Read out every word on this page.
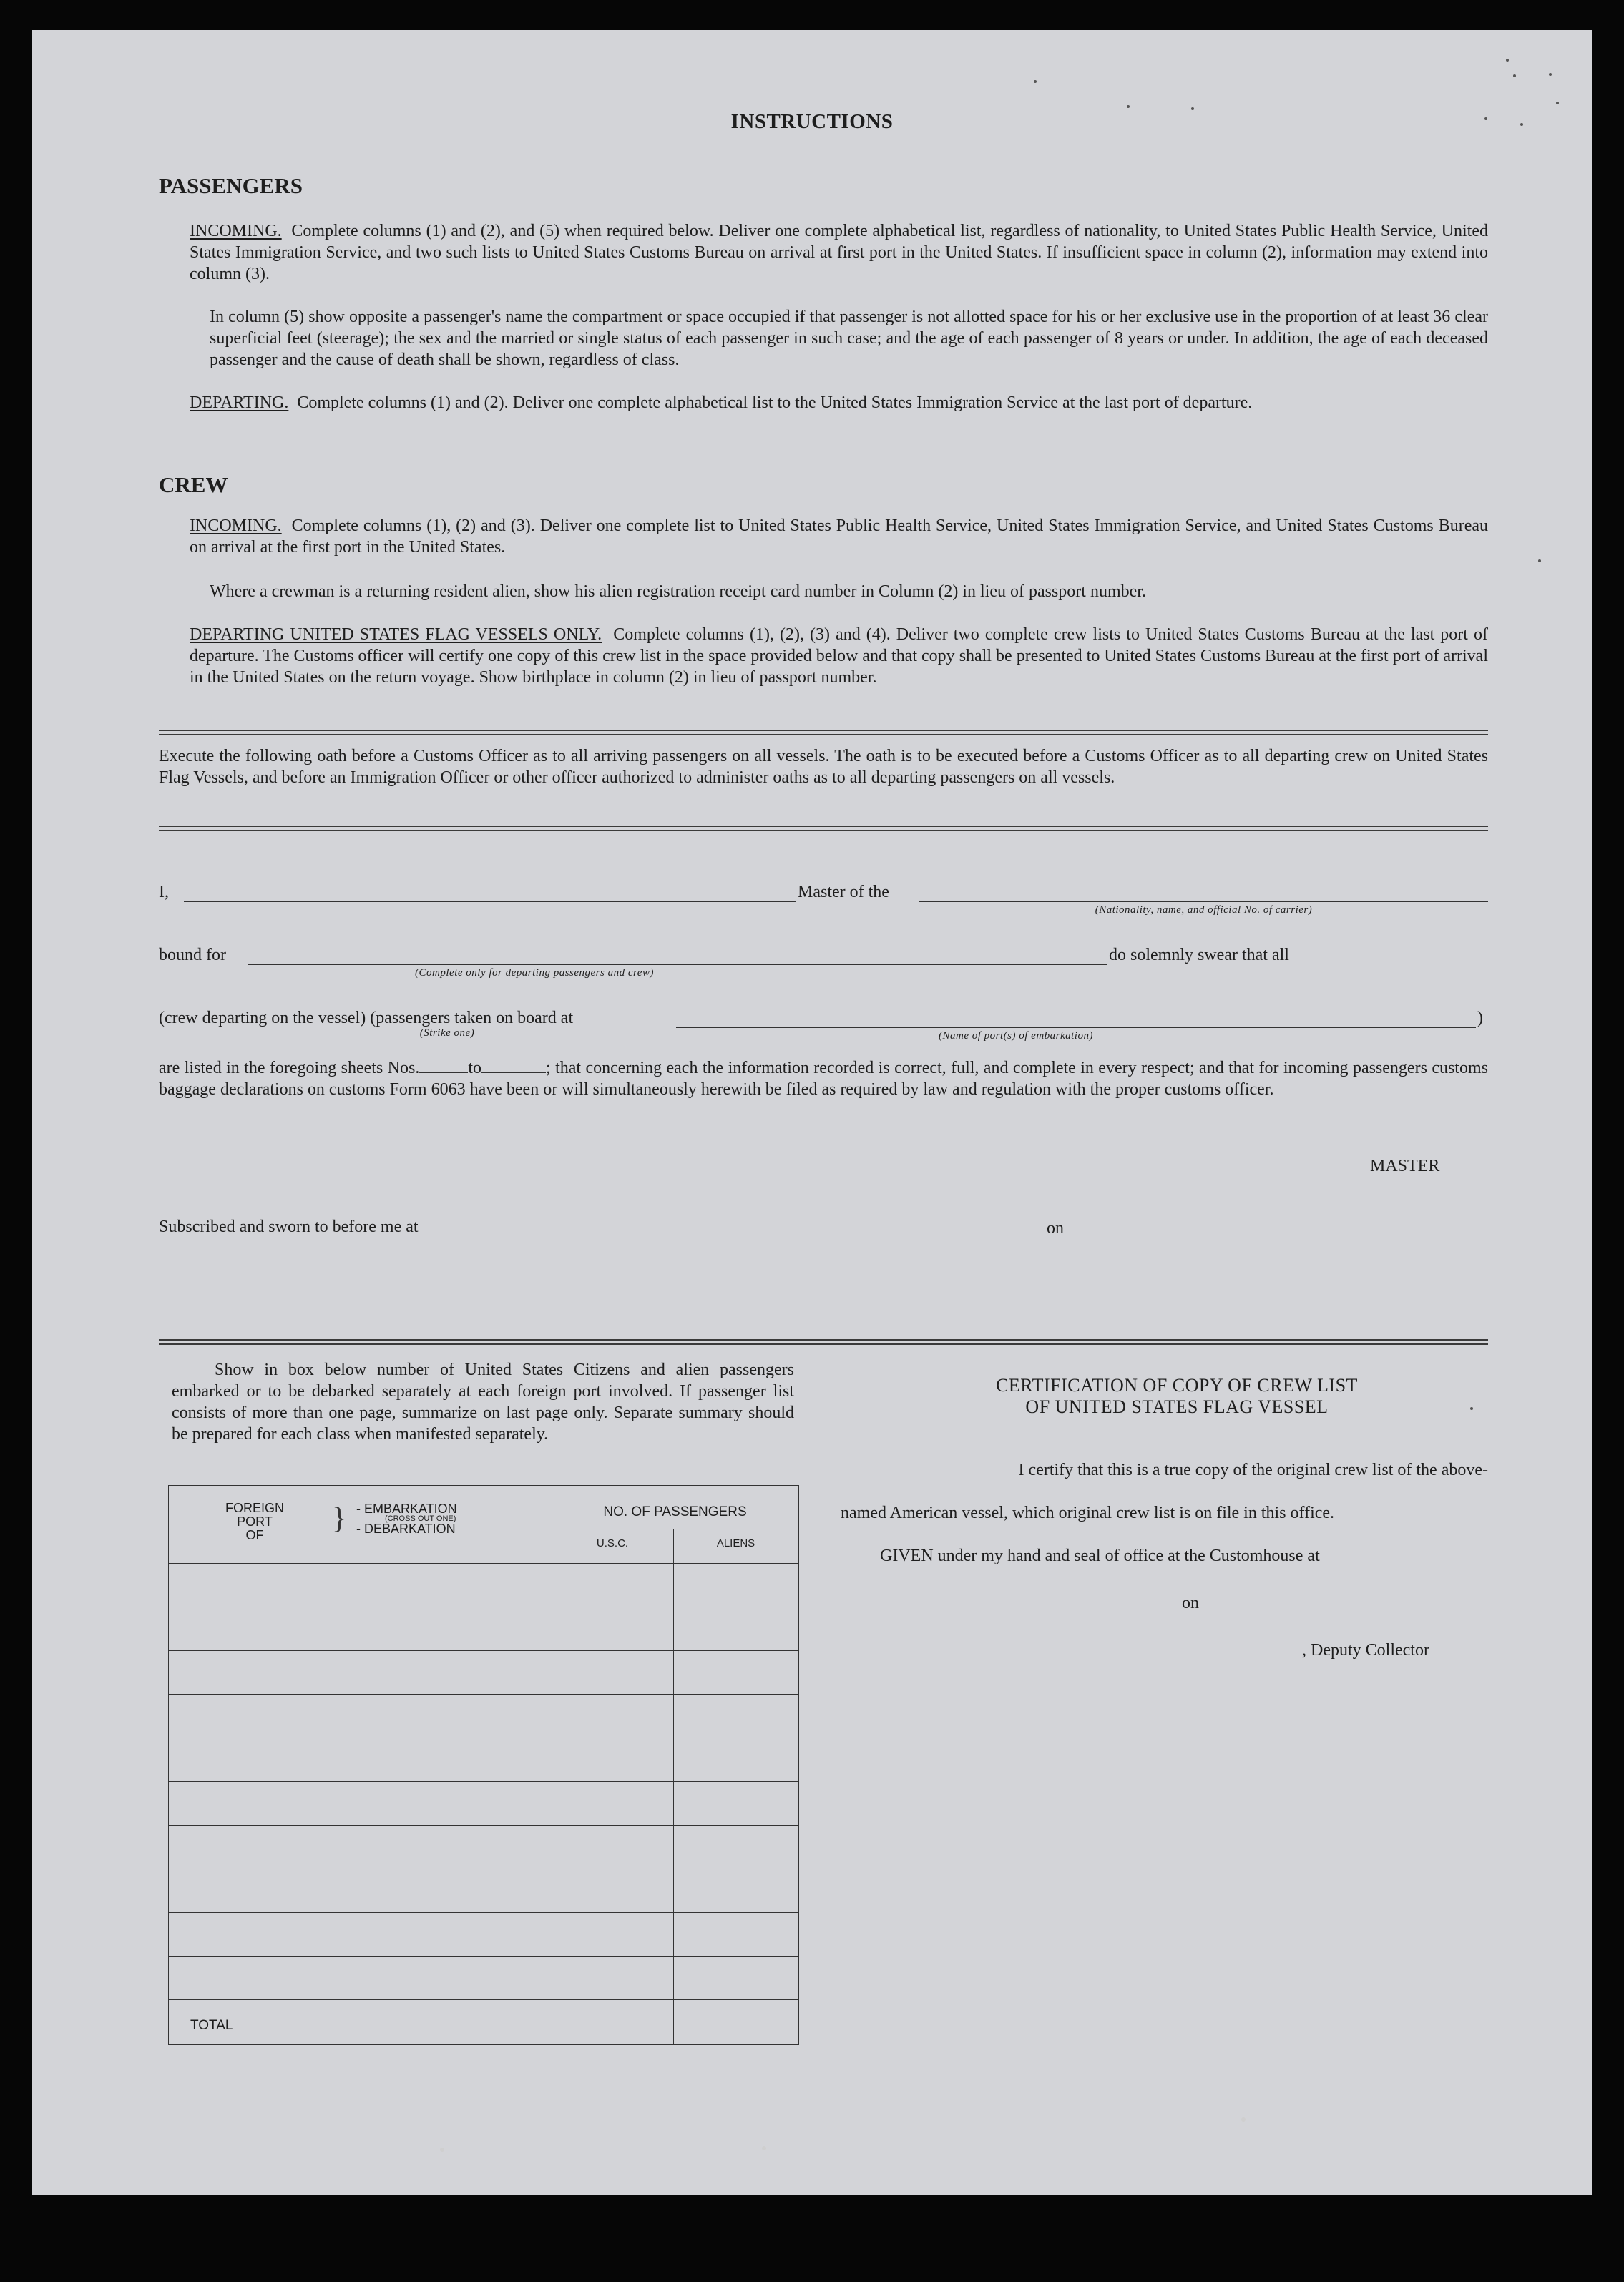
INSTRUCTIONS
PASSENGERS
INCOMING. Complete columns (1) and (2), and (5) when required below. Deliver one complete alphabetical list, regardless of nationality, to United States Public Health Service, United States Immigration Service, and two such lists to United States Customs Bureau on arrival at first port in the United States. If insufficient space in column (2), information may extend into column (3).
In column (5) show opposite a passenger's name the compartment or space occupied if that passenger is not allotted space for his or her exclusive use in the proportion of at least 36 clear superficial feet (steerage); the sex and the married or single status of each passenger in such case; and the age of each passenger of 8 years or under. In addition, the age of each deceased passenger and the cause of death shall be shown, regardless of class.
DEPARTING. Complete columns (1) and (2). Deliver one complete alphabetical list to the United States Immigration Service at the last port of departure.
CREW
INCOMING. Complete columns (1), (2) and (3). Deliver one complete list to United States Public Health Service, United States Immigration Service, and United States Customs Bureau on arrival at the first port in the United States.
Where a crewman is a returning resident alien, show his alien registration receipt card number in Column (2) in lieu of passport number.
DEPARTING UNITED STATES FLAG VESSELS ONLY. Complete columns (1), (2), (3) and (4). Deliver two complete crew lists to United States Customs Bureau at the last port of departure. The Customs officer will certify one copy of this crew list in the space provided below and that copy shall be presented to United States Customs Bureau at the first port of arrival in the United States on the return voyage. Show birthplace in column (2) in lieu of passport number.
Execute the following oath before a Customs Officer as to all arriving passengers on all vessels. The oath is to be executed before a Customs Officer as to all departing crew on United States Flag Vessels, and before an Immigration Officer or other officer authorized to administer oaths as to all departing passengers on all vessels.
I,	Master of the
(Nationality, name, and official No. of carrier)
bound for
(Complete only for departing passengers and crew)
do solemnly swear that all
(crew departing on the vessel) (passengers taken on board at
(Strike one)	(Name of port(s) of embarkation)
)
are listed in the foregoing sheets Nos.	to	; that concerning each the information recorded is correct, full, and complete in every respect; and that for incoming passengers customs baggage declarations on customs Form 6063 have been or will simultaneously herewith be filed as required by law and regulation with the proper customs officer.
MASTER
Subscribed and sworn to before me at	on
Show in box below number of United States Citizens and alien passengers embarked or to be debarked separately at each foreign port involved. If passenger list consists of more than one page, summarize on last page only. Separate summary should be prepared for each class when manifested separately.
FOREIGN
PORT
OF	} - EMBARKATION
(CROSS OUT ONE)
- DEBARKATION
NO. OF PASSENGERS
U.S.C.	ALIENS
TOTAL
CERTIFICATION OF COPY OF CREW LIST
OF UNITED STATES FLAG VESSEL
I certify that this is a true copy of the original crew list of the above-
named American vessel, which original crew list is on file in this office.
GIVEN under my hand and seal of office at the Customhouse at
on
, Deputy Collector
